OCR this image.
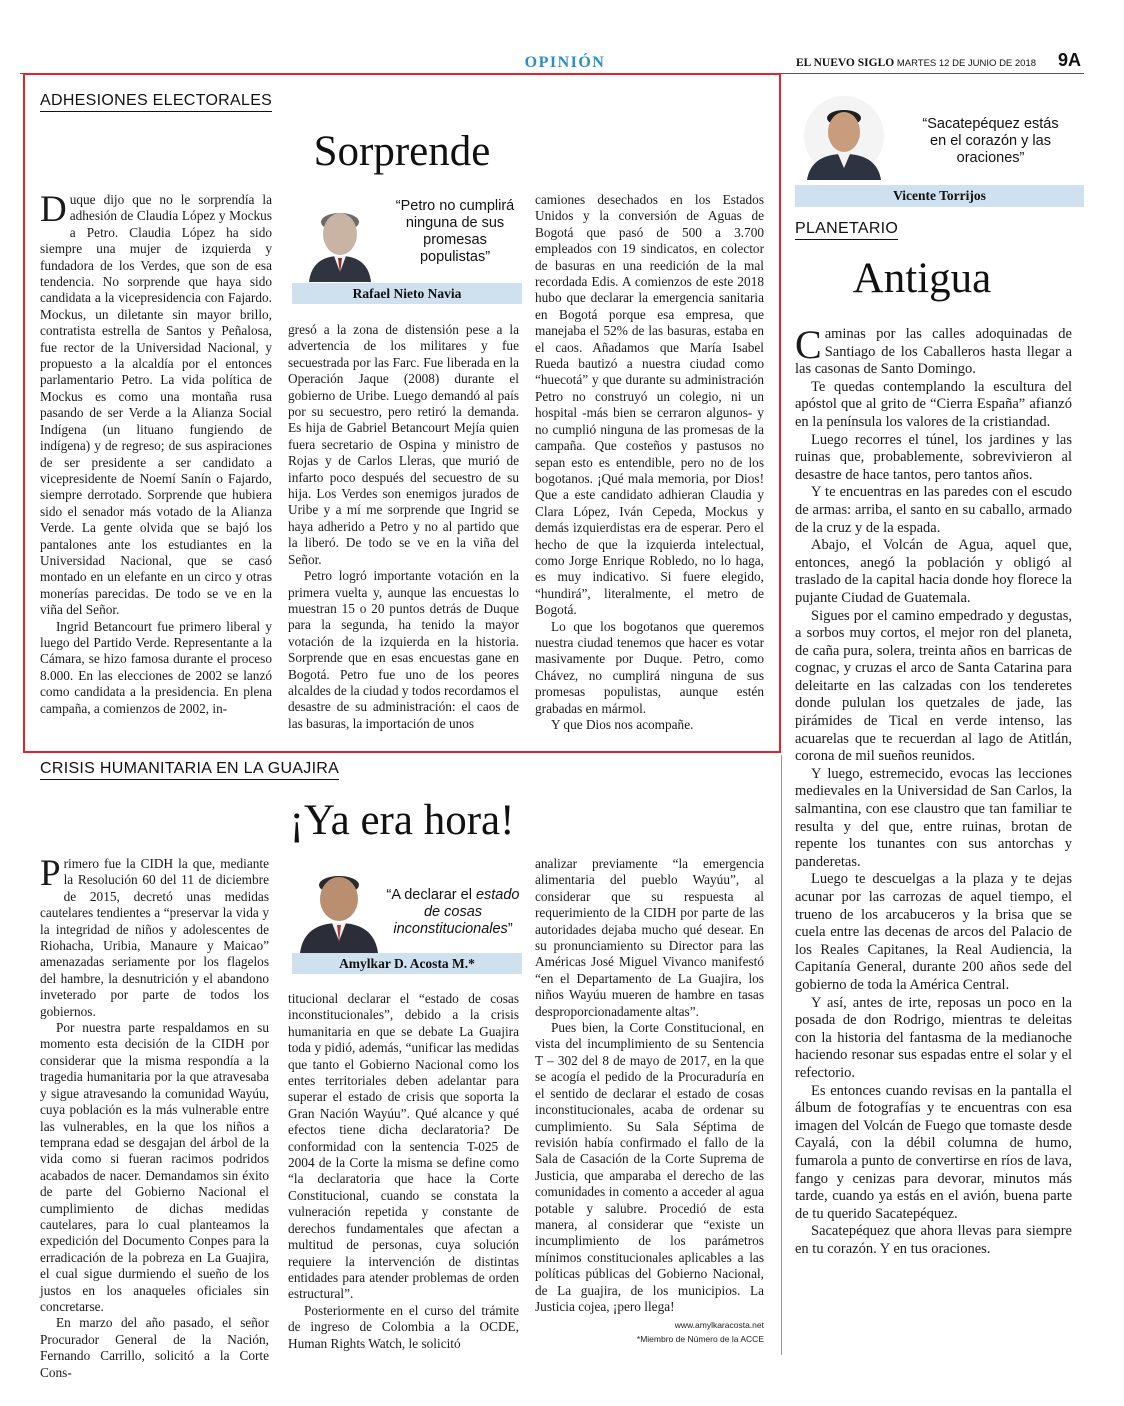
OPINIÓN	EL NUEVO SIGLO MARTES 12 DE JUNIO DE 2018	9A
ADHESIONES ELECTORALES
Sorprende
“Petro no cumplirá ninguna de sus promesas populistas”
Rafael Nieto Navia

Duque dijo que no le sorprendía la adhesión de Claudia López y Mockus a Petro. Claudia López ha sido siempre una mujer de izquierda y fundadora de los Verdes, que son de esa tendencia. No sorprende que haya sido candidata a la vicepresidencia con Fajardo. Mockus, un diletante sin mayor brillo, contratista estrella de Santos y Peñalosa, fue rector de la Universidad Nacional, y propuesto a la alcaldía por el entonces parlamentario Petro. La vida política de Mockus es como una montaña rusa pasando de ser Verde a la Alianza Social Indígena (un lituano fungiendo de indígena) y de regreso; de sus aspiraciones de ser presidente a ser candidato a vicepresidente de Noemí Sanín o Fajardo, siempre derrotado. Sorprende que hubiera sido el senador más votado de la Alianza Verde. La gente olvida que se bajó los pantalones ante los estudiantes en la Universidad Nacional, que se casó montado en un elefante en un circo y otras monerías parecidas. De todo se ve en la viña del Señor.

Ingrid Betancourt fue primero liberal y luego del Partido Verde. Representante a la Cámara, se hizo famosa durante el proceso 8.000. En las elecciones de 2002 se lanzó como candidata a la presidencia. En plena campaña, a comienzos de 2002, in-

gresó a la zona de distensión pese a la advertencia de los militares y fue secuestrada por las Farc. Fue liberada en la Operación Jaque (2008) durante el gobierno de Uribe. Luego demandó al país por su secuestro, pero retiró la demanda. Es hija de Gabriel Betancourt Mejía quien fuera secretario de Ospina y ministro de Rojas y de Carlos Lleras, que murió de infarto poco después del secuestro de su hija. Los Verdes son enemigos jurados de Uribe y a mí me sorprende que Ingrid se haya adherido a Petro y no al partido que la liberó. De todo se ve en la viña del Señor.

Petro logró importante votación en la primera vuelta y, aunque las encuestas lo muestran 15 o 20 puntos detrás de Duque para la segunda, ha tenido la mayor votación de la izquierda en la historia. Sorprende que en esas encuestas gane en Bogotá. Petro fue uno de los peores alcaldes de la ciudad y todos recordamos el desastre de su administración: el caos de las basuras, la importación de unos

camiones desechados en los Estados Unidos y la conversión de Aguas de Bogotá que pasó de 500 a 3.700 empleados con 19 sindicatos, en colector de basuras en una reedición de la mal recordada Edis. A comienzos de este 2018 hubo que declarar la emergencia sanitaria en Bogotá porque esa empresa, que manejaba el 52% de las basuras, estaba en el caos. Añadamos que María Isabel Rueda bautizó a nuestra ciudad como “huecotá” y que durante su administración Petro no construyó un colegio, ni un hospital -más bien se cerraron algunos- y no cumplió ninguna de las promesas de la campaña. Que costeños y pastusos no sepan esto es entendible, pero no de los bogotanos. ¡Qué mala memoria, por Dios! Que a este candidato adhieran Claudia y Clara López, Iván Cepeda, Mockus y demás izquierdistas era de esperar. Pero el hecho de que la izquierda intelectual, como Jorge Enrique Robledo, no lo haga, es muy indicativo. Si fuere elegido, “hundirá”, literalmente, el metro de Bogotá.

Lo que los bogotanos que queremos nuestra ciudad tenemos que hacer es votar masivamente por Duque. Petro, como Chávez, no cumplirá ninguna de sus promesas populistas, aunque estén grabadas en mármol.

Y que Dios nos acompañe.

CRISIS HUMANITARIA EN LA GUAJIRA
¡Ya era hora!
“A declarar el estado de cosas inconstitucionales”
Amylkar D. Acosta M.*

Primero fue la CIDH la que, mediante la Resolución 60 del 11 de diciembre de 2015, decretó unas medidas cautelares tendientes a “preservar la vida y la integridad de niños y adolescentes de Riohacha, Uribia, Manaure y Maicao” amenazadas seriamente por los flagelos del hambre, la desnutrición y el abandono inveterado por parte de todos los gobiernos.

Por nuestra parte respaldamos en su momento esta decisión de la CIDH por considerar que la misma respondía a la tragedia humanitaria por la que atravesaba y sigue atravesando la comunidad Wayúu, cuya población es la más vulnerable entre las vulnerables, en la que los niños a temprana edad se desgajan del árbol de la vida como si fueran racimos podridos acabados de nacer. Demandamos sin éxito de parte del Gobierno Nacional el cumplimiento de dichas medidas cautelares, para lo cual planteamos la expedición del Documento Conpes para la erradicación de la pobreza en La Guajira, el cual sigue durmiendo el sueño de los justos en los anaqueles oficiales sin concretarse.

En marzo del año pasado, el señor Procurador General de la Nación, Fernando Carrillo, solicitó a la Corte Cons-

titucional declarar el “estado de cosas inconstitucionales”, debido a la crisis humanitaria en que se debate La Guajira toda y pidió, además, “unificar las medidas que tanto el Gobierno Nacional como los entes territoriales deben adelantar para superar el estado de crisis que soporta la Gran Nación Wayúu”. Qué alcance y qué efectos tiene dicha declaratoria? De conformidad con la sentencia T-025 de 2004 de la Corte la misma se define como “la declaratoria que hace la Corte Constitucional, cuando se constata la vulneración repetida y constante de derechos fundamentales que afectan a multitud de personas, cuya solución requiere la intervención de distintas entidades para atender problemas de orden estructural”.

Posteriormente en el curso del trámite de ingreso de Colombia a la OCDE, Human Rights Watch, le solicitó

analizar previamente “la emergencia alimentaria del pueblo Wayúu”, al considerar que su respuesta al requerimiento de la CIDH por parte de las autoridades dejaba mucho qué desear. En su pronunciamiento su Director para las Américas José Miguel Vivanco manifestó “en el Departamento de La Guajira, los niños Wayúu mueren de hambre en tasas desproporcionadamente altas”.

Pues bien, la Corte Constitucional, en vista del incumplimiento de su Sentencia T – 302 del 8 de mayo de 2017, en la que se acogía el pedido de la Procuraduría en el sentido de declarar el estado de cosas inconstitucionales, acaba de ordenar su cumplimiento. Su Sala Séptima de revisión había confirmado el fallo de la Sala de Casación de la Corte Suprema de Justicia, que amparaba el derecho de las comunidades in comento a acceder al agua potable y salubre. Procedió de esta manera, al considerar que “existe un incumplimiento de los parámetros mínimos constitucionales aplicables a las políticas públicas del Gobierno Nacional, de La guajira, de los municipios. La Justicia cojea, ¡pero llega!

www.amylkaracosta.net
*Miembro de Número de la ACCE
“Sacatepéquez estás en el corazón y las oraciones”
Vicente Torrijos
PLANETARIO
Antigua

Caminas por las calles adoquinadas de Santiago de los Caballeros hasta llegar a las casonas de Santo Domingo.

Te quedas contemplando la escultura del apóstol que al grito de “Cierra España” afianzó en la península los valores de la cristiandad.

Luego recorres el túnel, los jardines y las ruinas que, probablemente, sobrevivieron al desastre de hace tantos, pero tantos años.

Y te encuentras en las paredes con el escudo de armas: arriba, el santo en su caballo, armado de la cruz y de la espada.

Abajo, el Volcán de Agua, aquel que, entonces, anegó la población y obligó al traslado de la capital hacia donde hoy florece la pujante Ciudad de Guatemala.

Sigues por el camino empedrado y degustas, a sorbos muy cortos, el mejor ron del planeta, de caña pura, solera, treinta años en barricas de cognac, y cruzas el arco de Santa Catarina para deleitarte en las calzadas con los tenderetes donde pululan los quetzales de jade, las pirámides de Tical en verde intenso, las acuarelas que te recuerdan al lago de Atitlán, corona de mil sueños reunidos.

Y luego, estremecido, evocas las lecciones medievales en la Universidad de San Carlos, la salmantina, con ese claustro que tan familiar te resulta y del que, entre ruinas, brotan de repente los tunantes con sus antorchas y panderetas.

Luego te descuelgas a la plaza y te dejas acunar por las carrozas de aquel tiempo, el trueno de los arcabuceros y la brisa que se cuela entre las decenas de arcos del Palacio de los Reales Capitanes, la Real Audiencia, la Capitanía General, durante 200 años sede del gobierno de toda la América Central.

Y así, antes de irte, reposas un poco en la posada de don Rodrigo, mientras te deleitas con la historia del fantasma de la medianoche haciendo resonar sus espadas entre el solar y el refectorio.

Es entonces cuando revisas en la pantalla el álbum de fotografías y te encuentras con esa imagen del Volcán de Fuego que tomaste desde Cayalá, con la débil columna de humo, fumarola a punto de convertirse en ríos de lava, fango y cenizas para devorar, minutos más tarde, cuando ya estás en el avión, buena parte de tu querido Sacatepéquez.

Sacatepéquez que ahora llevas para siempre en tu corazón. Y en tus oraciones.
